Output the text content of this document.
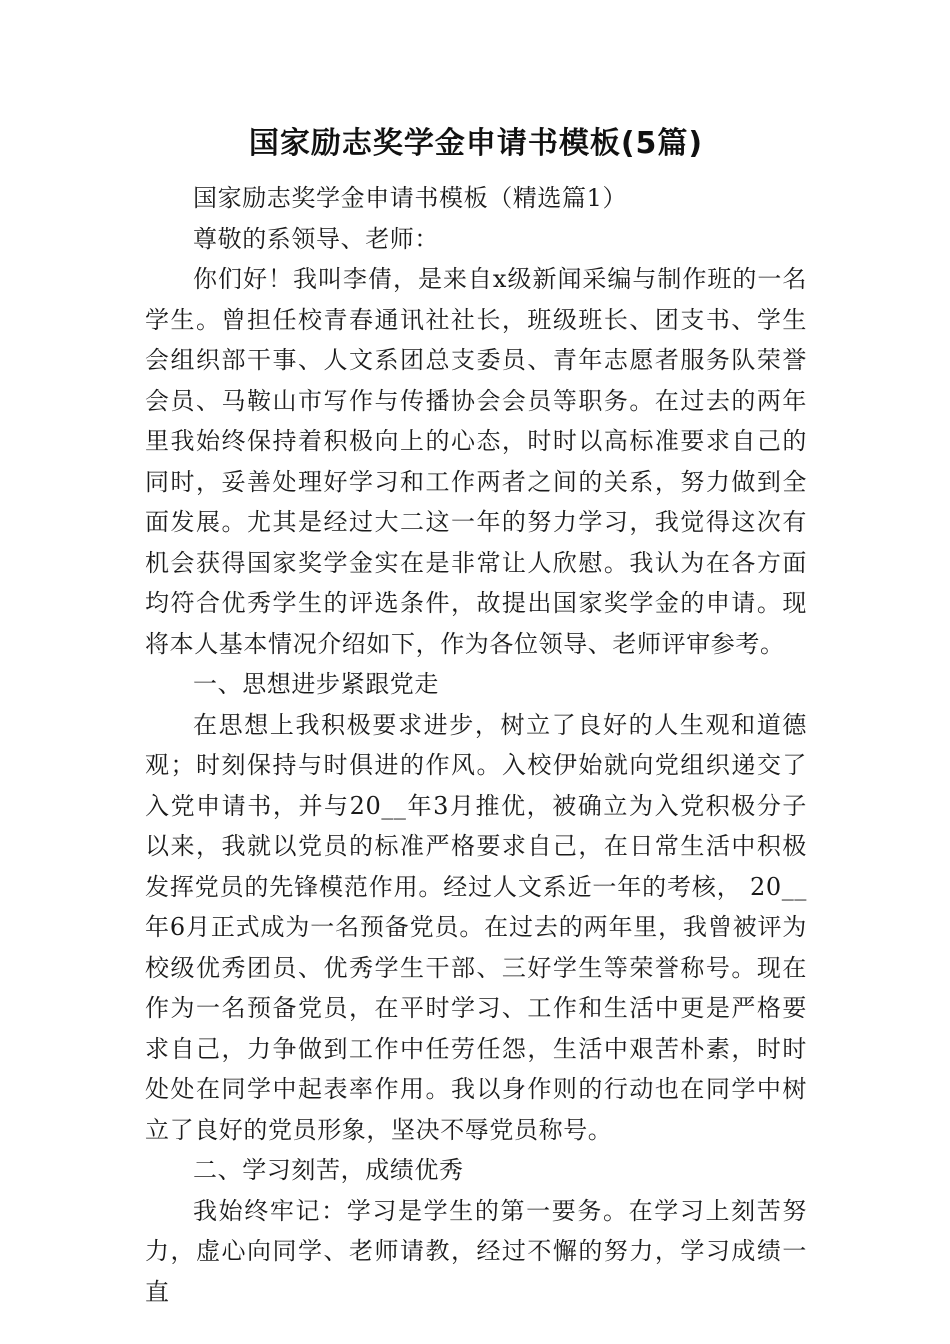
国家励志奖学金申请书模板(5篇)

国家励志奖学金申请书模板（精选篇1）

尊敬的系领导、老师：

你们好！我叫李倩，是来自x级新闻采编与制作班的一名学生。曾担任校青春通讯社社长，班级班长、团支书、学生会组织部干事、人文系团总支委员、青年志愿者服务队荣誉会员、马鞍山市写作与传播协会会员等职务。在过去的两年里我始终保持着积极向上的心态，时时以高标准要求自己的同时，妥善处理好学习和工作两者之间的关系，努力做到全面发展。尤其是经过大二这一年的努力学习，我觉得这次有机会获得国家奖学金实在是非常让人欣慰。我认为在各方面均符合优秀学生的评选条件，故提出国家奖学金的申请。现将本人基本情况介绍如下，作为各位领导、老师评审参考。

一、思想进步紧跟党走

在思想上我积极要求进步，树立了良好的人生观和道德观；时刻保持与时俱进的作风。入校伊始就向党组织递交了入党申请书，并与20__年3月推优，被确立为入党积极分子以来，我就以党员的标准严格要求自己，在日常生活中积极发挥党员的先锋模范作用。经过人文系近一年的考核， 20__年6月正式成为一名预备党员。在过去的两年里，我曾被评为校级优秀团员、优秀学生干部、三好学生等荣誉称号。现在作为一名预备党员，在平时学习、工作和生活中更是严格要求自己，力争做到工作中任劳任怨，生活中艰苦朴素，时时处处在同学中起表率作用。我以身作则的行动也在同学中树立了良好的党员形象，坚决不辱党员称号。

二、学习刻苦，成绩优秀

我始终牢记：学习是学生的第一要务。在学习上刻苦努力，虚心向同学、老师请教，经过不懈的努力，学习成绩一直
